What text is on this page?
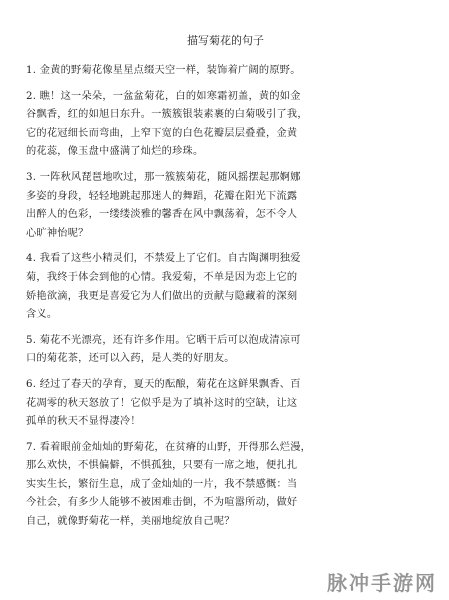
描写菊花的句子
1. 金黄的野菊花像星星点缀天空一样，装饰着广阔的原野。
2. 瞧！这一朵朵，一盆盆菊花，白的如寒霜初盖，黄的如金
谷飘香，红的如旭日东升。一簇簇银装素裹的白菊吸引了我，
它的花冠细长而弯曲，上窄下宽的白色花瓣层层叠叠，金黄
的花蕊，像玉盘中盛满了灿烂的珍珠。
3. 一阵秋风琵琶地吹过，那一簇簇菊花，随风摇摆起那婀娜
多姿的身段，轻轻地跳起那迷人的舞蹈，花瓣在阳光下流露
出醉人的色彩，一缕缕淡雅的馨香在风中飘荡着，怎不令人
心旷神怡呢？
4. 我看了这些小精灵们，不禁爱上了它们。自古陶渊明独爱
菊，我终于体会到他的心情。我爱菊，不单是因为恋上它的
娇艳欲滴，我更是喜爱它为人们做出的贡献与隐藏着的深刻
含义。
5. 菊花不光漂亮，还有许多作用。它晒干后可以泡成清凉可
口的菊花茶，还可以入药，是人类的好朋友。
6. 经过了春天的孕育，夏天的酝酿，菊花在这鲜果飘香、百
花凋零的秋天怒放了！它似乎是为了填补这时的空缺，让这
孤单的秋天不显得凄冷！
7. 看着眼前金灿灿的野菊花，在贫瘠的山野，开得那么烂漫，
那么欢快，不惧偏僻，不惧孤独，只要有一席之地，便扎扎
实实生长，繁衍生息，成了金灿灿的一片，我不禁感慨：当
今社会，有多少人能够不被困难击倒，不为喧嚣所动，做好
自己，就像野菊花一样，美丽地绽放自己呢？
脉冲手游网
